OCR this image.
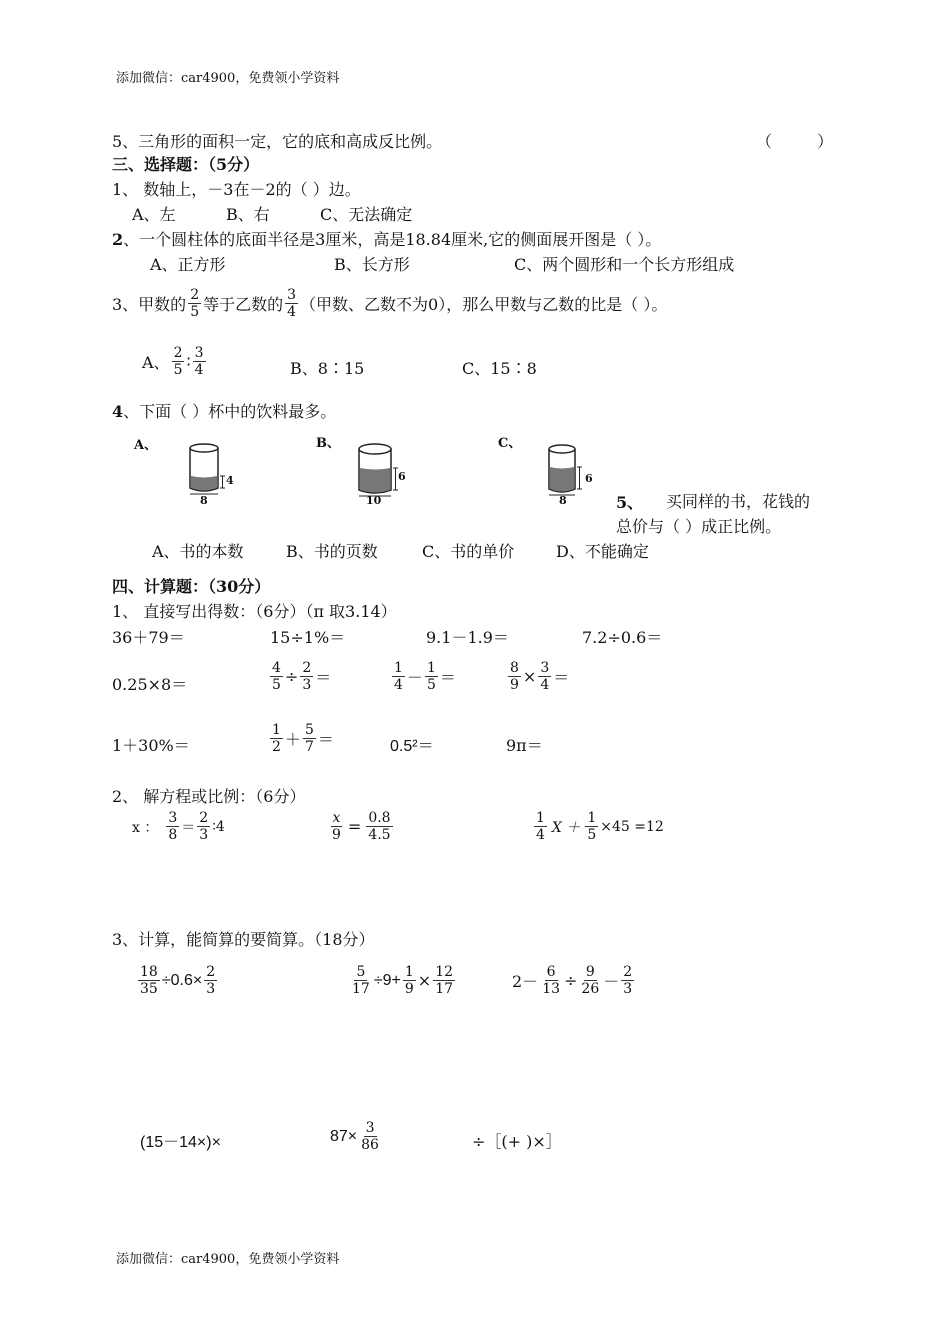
添加微信：car4900，免费领小学资料
5、三角形的面积一定，它的底和高成反比例。	（ ）
三、选择题：（5分）
1、 数轴上，－3在－2的（ ）边。
A、左	B、右	C、无法确定
2、一个圆柱体的底面半径是3厘米，高是18.84厘米,它的侧面展开图是（ ）。
A、正方形	B、长方形	C、两个圆形和一个长方形组成
3、甲数的 $\frac{2}{5}$ 等于乙数的 $\frac{3}{4}$ （甲数、乙数不为0），那么甲数与乙数的比是（ ）。
A、 $\frac{2}{5}$ ∶ $\frac{3}{4}$	B、8∶15	C、15∶8
4、下面（ ）杯中的饮料最多。
A、	B、	C、
4
8
6
10
6
8	5、 买同样的书，花钱的
总价与（ ）成正比例。
A、书的本数	B、书的页数	C、书的单价	D、不能确定
四、计算题：（30分）
1、 直接写出得数：（6分）（π 取3.14）
36＋79＝	15÷1%＝	9.1－1.9＝	7.2÷0.6＝
0.25×8＝	$\frac{4}{5} \div \frac{2}{3}$ ＝	$\frac{1}{4} - \frac{1}{5}$ ＝	$\frac{8}{9} \times \frac{3}{4}$ ＝
1＋30%＝	$\frac{1}{2} + \frac{5}{7}$ ＝	0.5²＝	9π＝
2、 解方程或比例：（6分）
x ： $\frac{3}{8} = \frac{2}{3}$ ∶4	$\frac{x}{9} = \frac{0.8}{4.5}$	$\frac{1}{4}$ $X + \frac{1}{5} \times 45 =12$
3、计算，能简算的要简算。（18分）
$\frac{18}{35} \div 0.6\times \frac{2}{3}$	$\frac{5}{17} \div 9+ \frac{1}{9} \times \frac{12}{17}$	$2- \frac{6}{13} \div \frac{9}{26} - \frac{2}{3}$
(15－14×)×	$87\times \frac{3}{86}$	÷［(+ )×］
添加微信：car4900，免费领小学资料
